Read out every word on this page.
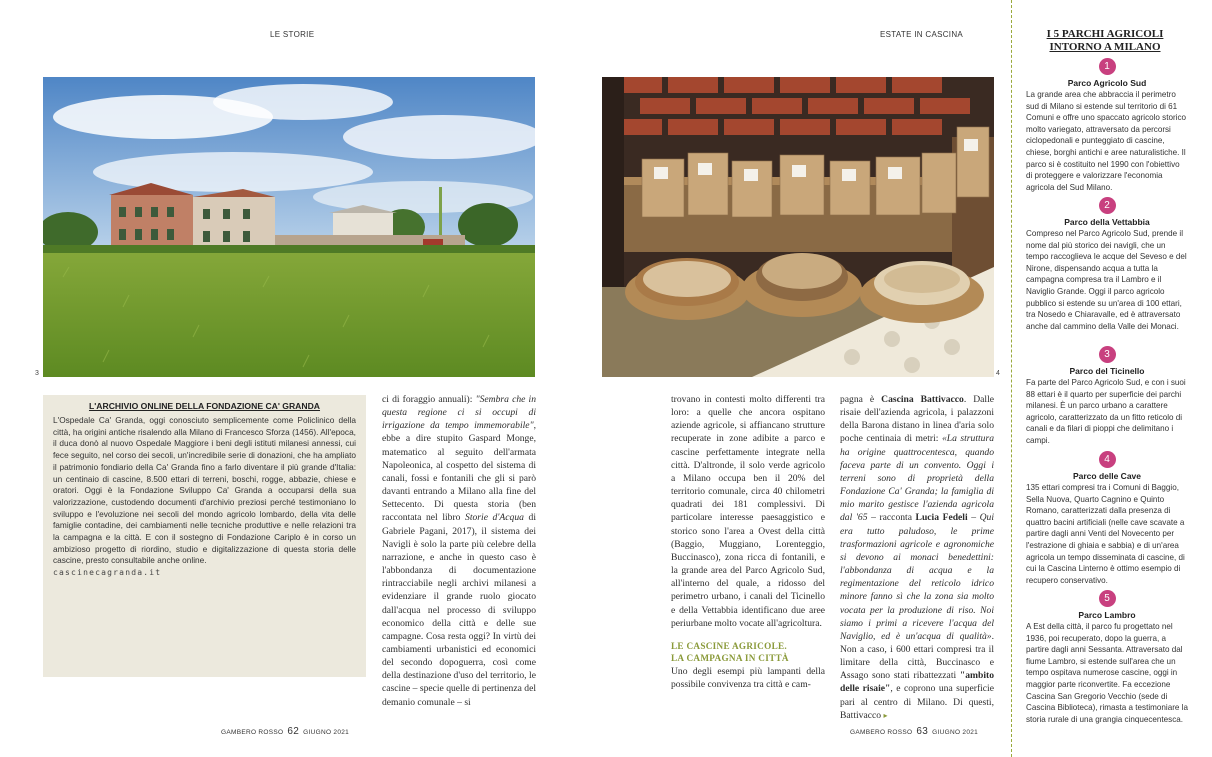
LE STORIE	ESTATE IN CASCINA
3	4
L'ARCHIVIO ONLINE DELLA FONDAZIONE CA' GRANDA
L'Ospedale Ca' Granda, oggi conosciuto semplicemente come Policlinico della città, ha origini antiche risalendo alla Milano di Francesco Sforza (1456). All'epoca, il duca donò al nuovo Ospedale Maggiore i beni degli istituti milanesi annessi, cui fece seguito, nel corso dei secoli, un'incredibile serie di donazioni, che ha ampliato il patrimonio fondiario della Ca' Granda fino a farlo diventare il più grande d'Italia: un centinaio di cascine, 8.500 ettari di terreni, boschi, rogge, abbazie, chiese e oratori. Oggi è la Fondazione Sviluppo Ca' Granda a occuparsi della sua valorizzazione, custodendo documenti d'archivio preziosi perché testimoniano lo sviluppo e l'evoluzione nei secoli del mondo agricolo lombardo, della vita delle famiglie contadine, dei cambiamenti nelle tecniche produttive e nelle relazioni tra la campagna e la città. E con il sostegno di Fondazione Cariplo è in corso un ambizioso progetto di riordino, studio e digitalizzazione di questa storia delle cascine, presto consultabile anche online.
cascinecagranda.it
ci di foraggio annuali): "Sembra che in questa regione ci si occupi di irrigazione da tempo immemorabile", ebbe a dire stupito Gaspard Monge, matematico al seguito dell'armata Napoleonica, al cospetto del sistema di canali, fossi e fontanili che gli si parò davanti entrando a Milano alla fine del Settecento. Di questa storia (ben raccontata nel libro Storie d'Acqua di Gabriele Pagani, 2017), il sistema dei Navigli è solo la parte più celebre della narrazione, e anche in questo caso è l'abbondanza di documentazione rintracciabile negli archivi milanesi a evidenziare il grande ruolo giocato dall'acqua nel processo di sviluppo economico della città e delle sue campagne. Cosa resta oggi? In virtù dei cambiamenti urbanistici ed economici del secondo dopoguerra, così come della destinazione d'uso del territorio, le cascine – specie quelle di pertinenza del demanio comunale – si
trovano in contesti molto differenti tra loro: a quelle che ancora ospitano aziende agricole, si affiancano strutture recuperate in zone adibite a parco e cascine perfettamente integrate nella città. D'altronde, il solo verde agricolo a Milano occupa ben il 20% del territorio comunale, circa 40 chilometri quadrati dei 181 complessivi. Di particolare interesse paesaggistico e storico sono l'area a Ovest della città (Baggio, Muggiano, Lorenteggio, Buccinasco), zona ricca di fontanili, e la grande area del Parco Agricolo Sud, all'interno del quale, a ridosso del perimetro urbano, i canali del Ticinello e della Vettabbia identificano due aree periurbane molto vocate all'agricoltura.
LE CASCINE AGRICOLE.
LA CAMPAGNA IN CITTÀ
Uno degli esempi più lampanti della possibile convivenza tra città e cam-
pagna è Cascina Battivacco. Dalle risaie dell'azienda agricola, i palazzoni della Barona distano in linea d'aria solo poche centinaia di metri: «La struttura ha origine quattrocentesca, quando faceva parte di un convento. Oggi i terreni sono di proprietà della Fondazione Ca' Granda; la famiglia di mio marito gestisce l'azienda agricola dal '65 – racconta Lucia Fedeli – Qui era tutto paludoso, le prime trasformazioni agricole e agronomiche si devono ai monaci benedettini: l'abbondanza di acqua e la regimentazione del reticolo idrico minore fanno sì che la zona sia molto vocata per la produzione di riso. Noi siamo i primi a ricevere l'acqua del Naviglio, ed è un'acqua di qualità». Non a caso, i 600 ettari compresi tra il limitare della città, Buccinasco e Assago sono stati ribattezzati "ambito delle risaie", e coprono una superficie pari al centro di Milano. Di questi, Battivacco ▸
GAMBERO ROSSO 62 GIUGNO 2021	GAMBERO ROSSO 63 GIUGNO 2021
I 5 PARCHI AGRICOLI
INTORNO A MILANO
1
Parco Agricolo Sud
La grande area che abbraccia il perimetro sud di Milano si estende sul territorio di 61 Comuni e offre uno spaccato agricolo storico molto variegato, attraversato da percorsi ciclopedonali e punteggiato di cascine, chiese, borghi antichi e aree naturalistiche. Il parco si è costituito nel 1990 con l'obiettivo di proteggere e valorizzare l'economia agricola del Sud Milano.
2
Parco della Vettabbia
Compreso nel Parco Agricolo Sud, prende il nome dal più storico dei navigli, che un tempo raccoglieva le acque del Seveso e del Nirone, dispensando acqua a tutta la campagna compresa tra il Lambro e il Naviglio Grande. Oggi il parco agricolo pubblico si estende su un'area di 100 ettari, tra Nosedo e Chiaravalle, ed è attraversato anche dal cammino della Valle dei Monaci.
3
Parco del Ticinello
Fa parte del Parco Agricolo Sud, e con i suoi 88 ettari è il quarto per superficie dei parchi milanesi. È un parco urbano a carattere agricolo, caratterizzato da un fitto reticolo di canali e da filari di pioppi che delimitano i campi.
4
Parco delle Cave
135 ettari compresi tra i Comuni di Baggio, Sella Nuova, Quarto Cagnino e Quinto Romano, caratterizzati dalla presenza di quattro bacini artificiali (nelle cave scavate a partire dagli anni Venti del Novecento per l'estrazione di ghiaia e sabbia) e di un'area agricola un tempo disseminata di cascine, di cui la Cascina Linterno è ottimo esempio di recupero conservativo.
5
Parco Lambro
A Est della città, il parco fu progettato nel 1936, poi recuperato, dopo la guerra, a partire dagli anni Sessanta. Attraversato dal fiume Lambro, si estende sull'area che un tempo ospitava numerose cascine, oggi in maggior parte riconvertite. Fa eccezione Cascina San Gregorio Vecchio (sede di Cascina Biblioteca), rimasta a testimoniare la storia rurale di una grangia cinquecentesca.
